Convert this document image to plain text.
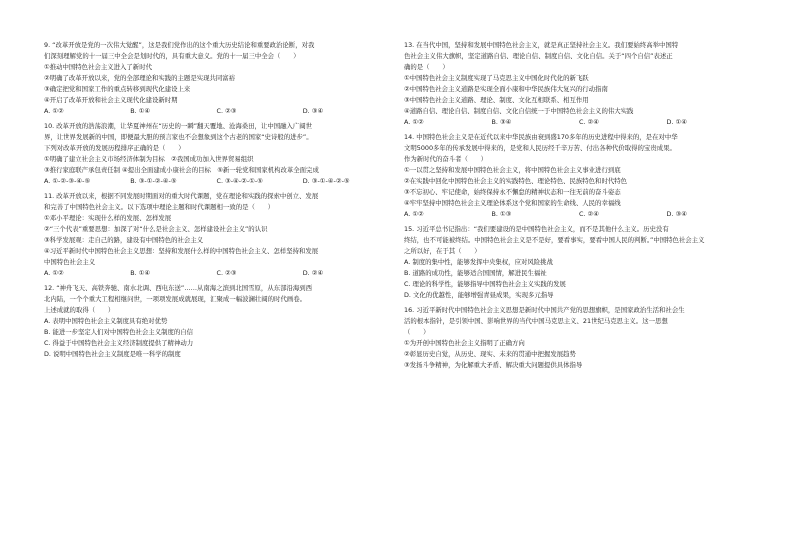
9. “改革开放是党的一次伟大觉醒”，这是我们党作出的这个重大历史结论和重要政治论断，对我

们深刻理解党的十一届三中全会是划时代的，具有重大意义。党的十一届三中全会（　　）

①推动中国特色社会主义进入了新时代

②明确了改革开放以来，党的全部理论和实践的主题是实现共同富裕

③确定把党和国家工作的重点转移到现代化建设上来

④开启了改革开放和社会主义现代化建设新时期

A. ①②	B. ①④	C. ②③	D. ③④

10. 改革开放的浩荡浪潮，让华夏神州在“历史的一瞬”翻天覆地、沧海桑田，让中国融入广阔世

界，让世界发展新的中国，即便最大胆的预言家也不会想象到这个古老的国家“史诗般的进步”。

下列对改革开放的发展历程排序正确的是（　　）

①明确了建立社会主义市场经济体制为目标　②我国成功加入世界贸易组织

③推行家庭联产承包责任制 ④提出全面建成小康社会的目标　⑤新一轮党和国家机构改革全面完成

A. ①-②-③-④-⑤	B. ③-①-②-④-⑤	C. ③-④-②-①-⑤	D. ③-①-④-②-⑤

11. 改革开放以来，根据不同发展时期面对的重大时代课题，党在理论和实践的探索中创立、发展

和完善了中国特色社会主义。以下选项中理论主题和时代课题相一致的是（　　）

①邓小平理论：实现什么样的发展、怎样发展

②“三个代表”重要思想：加深了对“什么是社会主义、怎样建设社会主义”的认识

③科学发展观：走自己的路，建设有中国特色的社会主义

④习近平新时代中国特色社会主义思想：坚持和发展什么样的中国特色社会主义、怎样坚持和发展

中国特色社会主义

A. ①②	B. ①④	C. ②③	D. ②④

12. “神舟飞天、高铁奔驰、南水北调、西电东送”……从南海之滨到北国雪原，从东部沿海到西

北内陆，一个个重大工程相继问世，一项项发展成就展现，汇聚成一幅波澜壮阔的时代画卷。

上述成就的取得（　　）

A. 表明中国特色社会主义制度具有绝对优势

B. 能进一步坚定人们对中国特色社会主义制度的自信

C. 得益于中国特色社会主义经济制度提供了精神动力

D. 说明中国特色社会主义制度是唯一科学的制度

13. 在当代中国，坚持和发展中国特色社会主义，就是真正坚持社会主义。我们要始终高举中国特

色社会主义伟大旗帜，坚定道路自信、理论自信、制度自信、文化自信。关于“四个自信”表述正

确的是（　　）

①中国特色社会主义制度实现了马克思主义中国化时代化的新飞跃

②中国特色社会主义道路是实现全面小康和中华民族伟大复兴的行动指南

③中国特色社会主义道路、理论、制度、文化互相联系、相互作用

④道路自信、理论自信、制度自信、文化自信统一于中国特色社会主义的伟大实践

A. ①②	B. ③④	C. ②④	D. ①④

14. 中国特色社会主义是在近代以来中华民族由衰到盛170多年的历史进程中得来的，是在对中华

文明5000多年的传承发展中得来的，是党和人民历经千辛万苦、付出各种代价取得的宝贵成果。

作为新时代的奋斗者（　　）

①一以贯之坚持和发展中国特色社会主义，将中国特色社会主义事业进行到底

②在实践中回化中国特色社会主义的实践特色、理论特色、民族特色和时代特色

③不忘初心、牢记使命，始终保持永不懈怠的精神状态和一往无前的奋斗姿态

④牢牢坚持中国特色社会主义理论体系这个党和国家的生命线、人民的幸福线

A. ①②	B. ①③	C. ②④	D. ③④

15. 习近平总书记指出：“我们要建设的是中国特色社会主义，而不是其他什么主义。历史没有

终结，也不可能被终结。中国特色社会主义是不是好，要看事实，要看中国人民的判断。”中国特色社会主义

之所以好，在于其（　　）

A. 制度的集中性，能够发挥中央集权，应对风险挑战

B. 道路的成功性，能够适合国国情，解进民生福祉

C. 理论的科学性，能够指导中国特色社会主义实践的发展

D. 文化的优越性，能够增强青昼成果，实现多元指导

16. 习近平新时代中国特色社会主义思想是新时代中国共产党的思想旗帜，是国家政治生活和社会生

活的根本指针，是引领中国、影响世界的当代中国马克思主义、21世纪马克思主义。这一思想

（　　）

①为开创中国特色社会主义指明了正确方向

②彰显历史自觉，从历史、现实、未来的贯通中把握发展趋势

③发扬斗争精神，为化解重大矛盾、解决重大问题提供具体指导
